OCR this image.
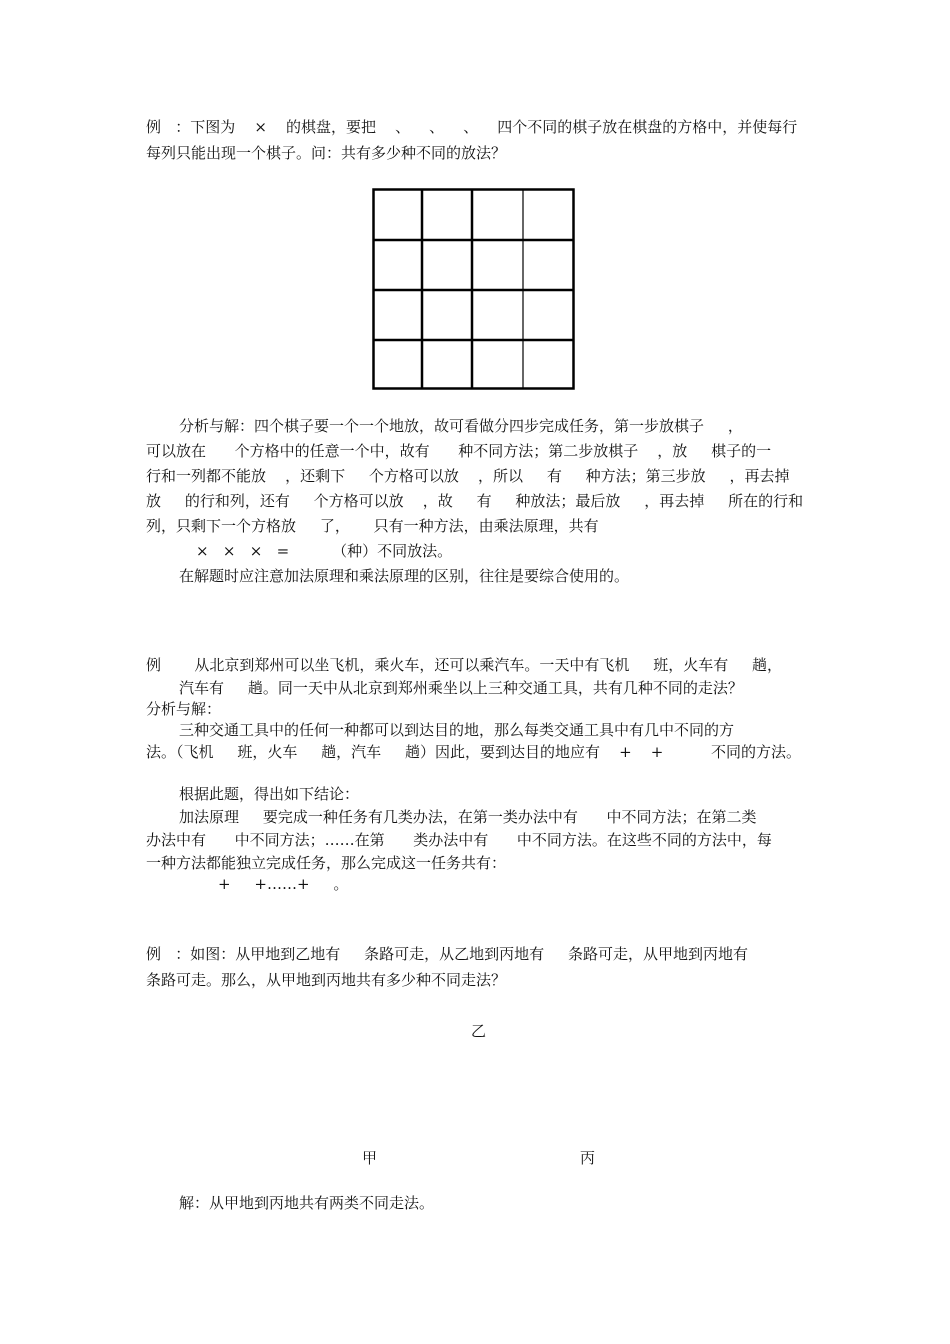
例   ：下图为    ×    的棋盘，要把    、    、    、    四个不同的棋子放在棋盘的方格中，并使每行
每列只能出现一个棋子。问：共有多少种不同的放法？
分析与解：四个棋子要一个一个地放，故可看做分四步完成任务，第一步放棋子     ，
可以放在      个方格中的任意一个中，故有      种不同方法；第二步放棋子    ，放     棋子的一
行和一列都不能放    ，还剩下     个方格可以放    ，所以     有     种方法；第三步放     ，再去掉
放     的行和列，还有     个方格可以放    ，故     有     种放法；最后放     ，再去掉     所在的行和
列，只剩下一个方格放     了，     只有一种方法，由乘法原理，共有
×   ×   ×   =         （种）不同放法。
在解题时应注意加法原理和乘法原理的区别，往往是要综合使用的。
例       从北京到郑州可以坐飞机，乘火车，还可以乘汽车。一天中有飞机     班，火车有     趟，
汽车有     趟。同一天中从北京到郑州乘坐以上三种交通工具，共有几种不同的走法？
分析与解：
三种交通工具中的任何一种都可以到达目的地，那么每类交通工具中有几中不同的方
法。（飞机     班，火车     趟，汽车     趟）因此，要到达目的地应有    +    +          不同的方法。
根据此题，得出如下结论：
加法原理     要完成一种任务有几类办法，在第一类办法中有      中不同方法；在第二类
办法中有      中不同方法；……在第      类办法中有      中不同方法。在这些不同的方法中，每
一种方法都能独立完成任务，那么完成这一任务共有：
+     +……+     。
例   ：如图：从甲地到乙地有     条路可走，从乙地到丙地有     条路可走，从甲地到丙地有
条路可走。那么，从甲地到丙地共有多少种不同走法？
乙
甲	丙
解：从甲地到丙地共有两类不同走法。
